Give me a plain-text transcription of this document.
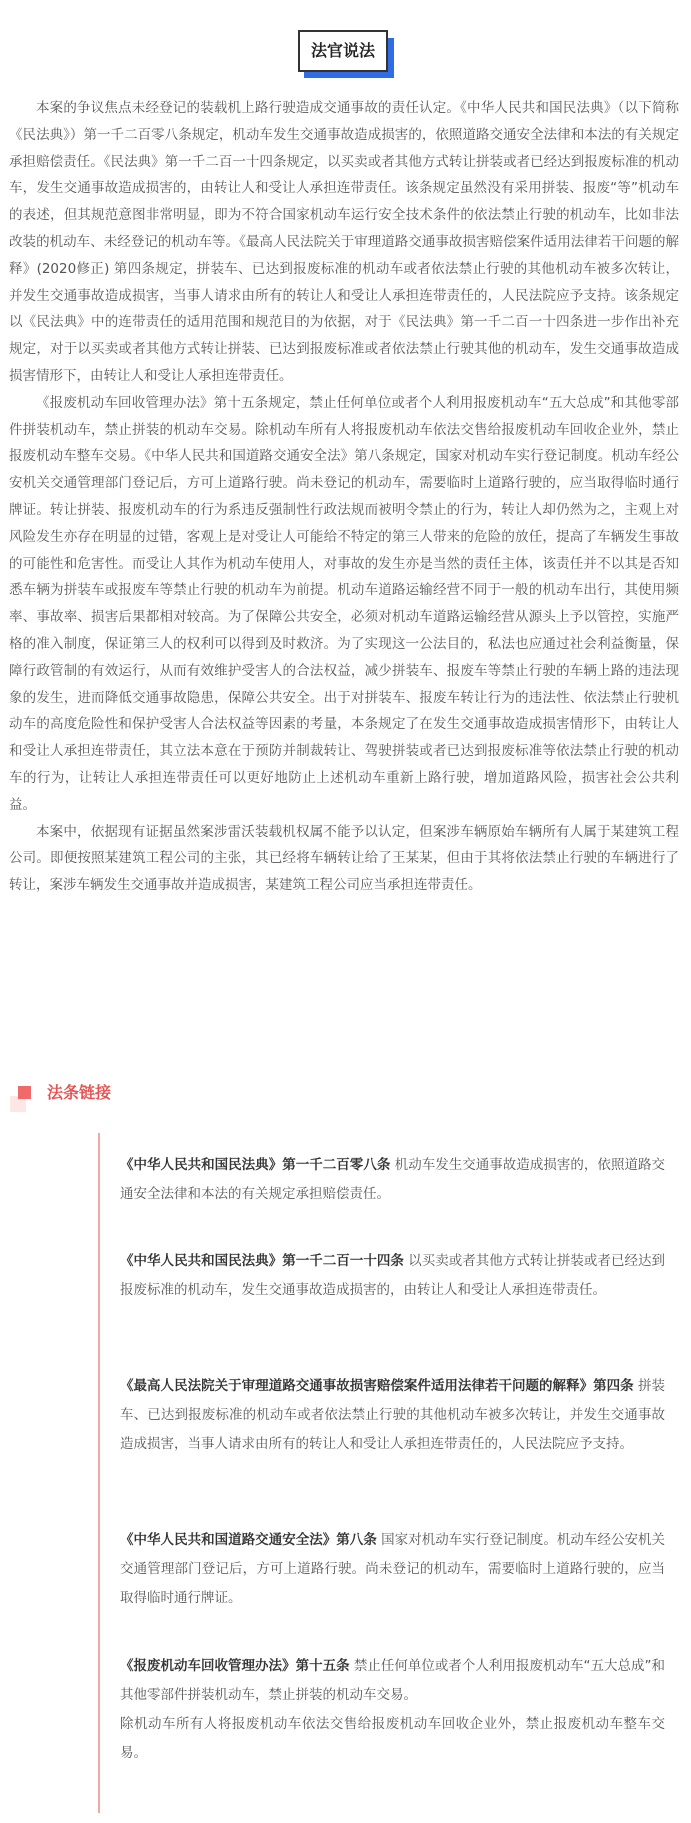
法官说法

本案的争议焦点未经登记的装载机上路行驶造成交通事故的责任认定。《中华人民共和国民法典》（以下简称《民法典》）第一千二百零八条规定，机动车发生交通事故造成损害的，依照道路交通安全法律和本法的有关规定承担赔偿责任。《民法典》第一千二百一十四条规定，以买卖或者其他方式转让拼装或者已经达到报废标准的机动车，发生交通事故造成损害的，由转让人和受让人承担连带责任。该条规定虽然没有采用拼装、报废“等”机动车的表述，但其规范意图非常明显，即为不符合国家机动车运行安全技术条件的依法禁止行驶的机动车，比如非法改装的机动车、未经登记的机动车等。《最高人民法院关于审理道路交通事故损害赔偿案件适用法律若干问题的解释》(2020修正) 第四条规定，拼装车、已达到报废标准的机动车或者依法禁止行驶的其他机动车被多次转让，并发生交通事故造成损害，当事人请求由所有的转让人和受让人承担连带责任的，人民法院应予支持。该条规定以《民法典》中的连带责任的适用范围和规范目的为依据，对于《民法典》第一千二百一十四条进一步作出补充规定，对于以买卖或者其他方式转让拼装、已达到报废标准或者依法禁止行驶其他的机动车，发生交通事故造成损害情形下，由转让人和受让人承担连带责任。

《报废机动车回收管理办法》第十五条规定，禁止任何单位或者个人利用报废机动车“五大总成”和其他零部件拼装机动车，禁止拼装的机动车交易。除机动车所有人将报废机动车依法交售给报废机动车回收企业外，禁止报废机动车整车交易。《中华人民共和国道路交通安全法》第八条规定，国家对机动车实行登记制度。机动车经公安机关交通管理部门登记后，方可上道路行驶。尚未登记的机动车，需要临时上道路行驶的，应当取得临时通行牌证。转让拼装、报废机动车的行为系违反强制性行政法规而被明令禁止的行为，转让人却仍然为之，主观上对风险发生亦存在明显的过错，客观上是对受让人可能给不特定的第三人带来的危险的放任，提高了车辆发生事故的可能性和危害性。而受让人其作为机动车使用人，对事故的发生亦是当然的责任主体，该责任并不以其是否知悉车辆为拼装车或报废车等禁止行驶的机动车为前提。机动车道路运输经营不同于一般的机动车出行，其使用频率、事故率、损害后果都相对较高。为了保障公共安全，必须对机动车道路运输经营从源头上予以管控，实施严格的准入制度，保证第三人的权利可以得到及时救济。为了实现这一公法目的，私法也应通过社会利益衡量，保障行政管制的有效运行，从而有效维护受害人的合法权益，减少拼装车、报废车等禁止行驶的车辆上路的违法现象的发生，进而降低交通事故隐患，保障公共安全。出于对拼装车、报废车转让行为的违法性、依法禁止行驶机动车的高度危险性和保护受害人合法权益等因素的考量，本条规定了在发生交通事故造成损害情形下，由转让人和受让人承担连带责任，其立法本意在于预防并制裁转让、驾驶拼装或者已达到报废标准等依法禁止行驶的机动车的行为，让转让人承担连带责任可以更好地防止上述机动车重新上路行驶，增加道路风险，损害社会公共利益。

本案中，依据现有证据虽然案涉雷沃装载机权属不能予以认定，但案涉车辆原始车辆所有人属于某建筑工程公司。即便按照某建筑工程公司的主张，其已经将车辆转让给了王某某，但由于其将依法禁止行驶的车辆进行了转让，案涉车辆发生交通事故并造成损害，某建筑工程公司应当承担连带责任。

法条链接
《中华人民共和国民法典》第一千二百零八条 机动车发生交通事故造成损害的，依照道路交通安全法律和本法的有关规定承担赔偿责任。
《中华人民共和国民法典》第一千二百一十四条 以买卖或者其他方式转让拼装或者已经达到报废标准的机动车，发生交通事故造成损害的，由转让人和受让人承担连带责任。
《最高人民法院关于审理道路交通事故损害赔偿案件适用法律若干问题的解释》第四条 拼装车、已达到报废标准的机动车或者依法禁止行驶的其他机动车被多次转让，并发生交通事故造成损害，当事人请求由所有的转让人和受让人承担连带责任的，人民法院应予支持。
《中华人民共和国道路交通安全法》第八条 国家对机动车实行登记制度。机动车经公安机关交通管理部门登记后，方可上道路行驶。尚未登记的机动车，需要临时上道路行驶的，应当取得临时通行牌证。
《报废机动车回收管理办法》第十五条 禁止任何单位或者个人利用报废机动车“五大总成”和其他零部件拼装机动车，禁止拼装的机动车交易。
除机动车所有人将报废机动车依法交售给报废机动车回收企业外，禁止报废机动车整车交易。
